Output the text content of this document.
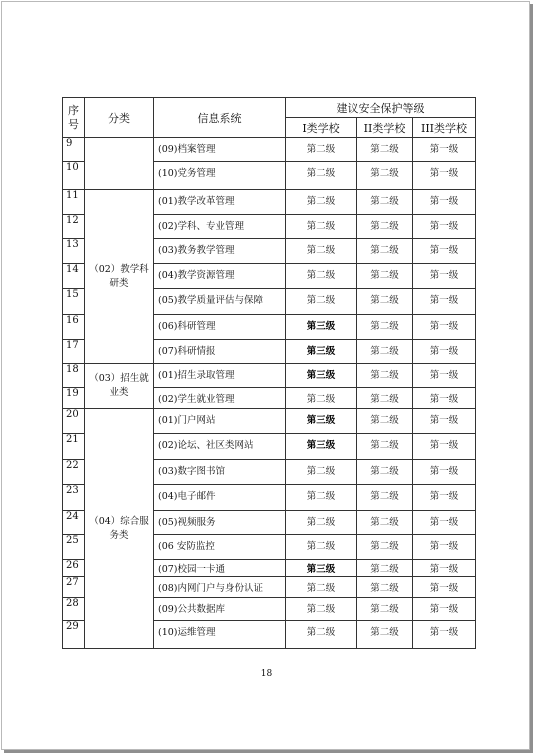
序号	分类	信息系统	建议安全保护等级		
			I类学校	II类学校	III类学校
9		(09)档案管理	第二级	第二级	第一级
10		(10)党务管理	第二级	第二级	第一级
11	（02）教学科研类	(01)教学改革管理	第二级	第二级	第一级
12		(02)学科、专业管理	第二级	第二级	第一级
13		(03)教务教学管理	第二级	第二级	第一级
14		(04)教学资源管理	第二级	第二级	第一级
15		(05)教学质量评估与保障	第二级	第二级	第一级
16		(06)科研管理	第三级	第二级	第一级
17		(07)科研情报	第三级	第二级	第一级
18	（03）招生就业类	(01)招生录取管理	第三级	第二级	第一级
19		(02)学生就业管理	第二级	第二级	第一级
20	（04）综合服务类	(01)门户网站	第三级	第二级	第一级
21		(02)论坛、社区类网站	第三级	第二级	第一级
22		(03)数字图书馆	第二级	第二级	第一级
23		(04)电子邮件	第二级	第二级	第一级
24		(05)视频服务	第二级	第二级	第一级
25		(06 安防监控	第二级	第二级	第一级
26		(07)校园一卡通	第三级	第二级	第一级
27		(08)内网门户与身份认证	第二级	第二级	第一级
28		(09)公共数据库	第二级	第二级	第一级
29		(10)运维管理	第二级	第二级	第一级
18
